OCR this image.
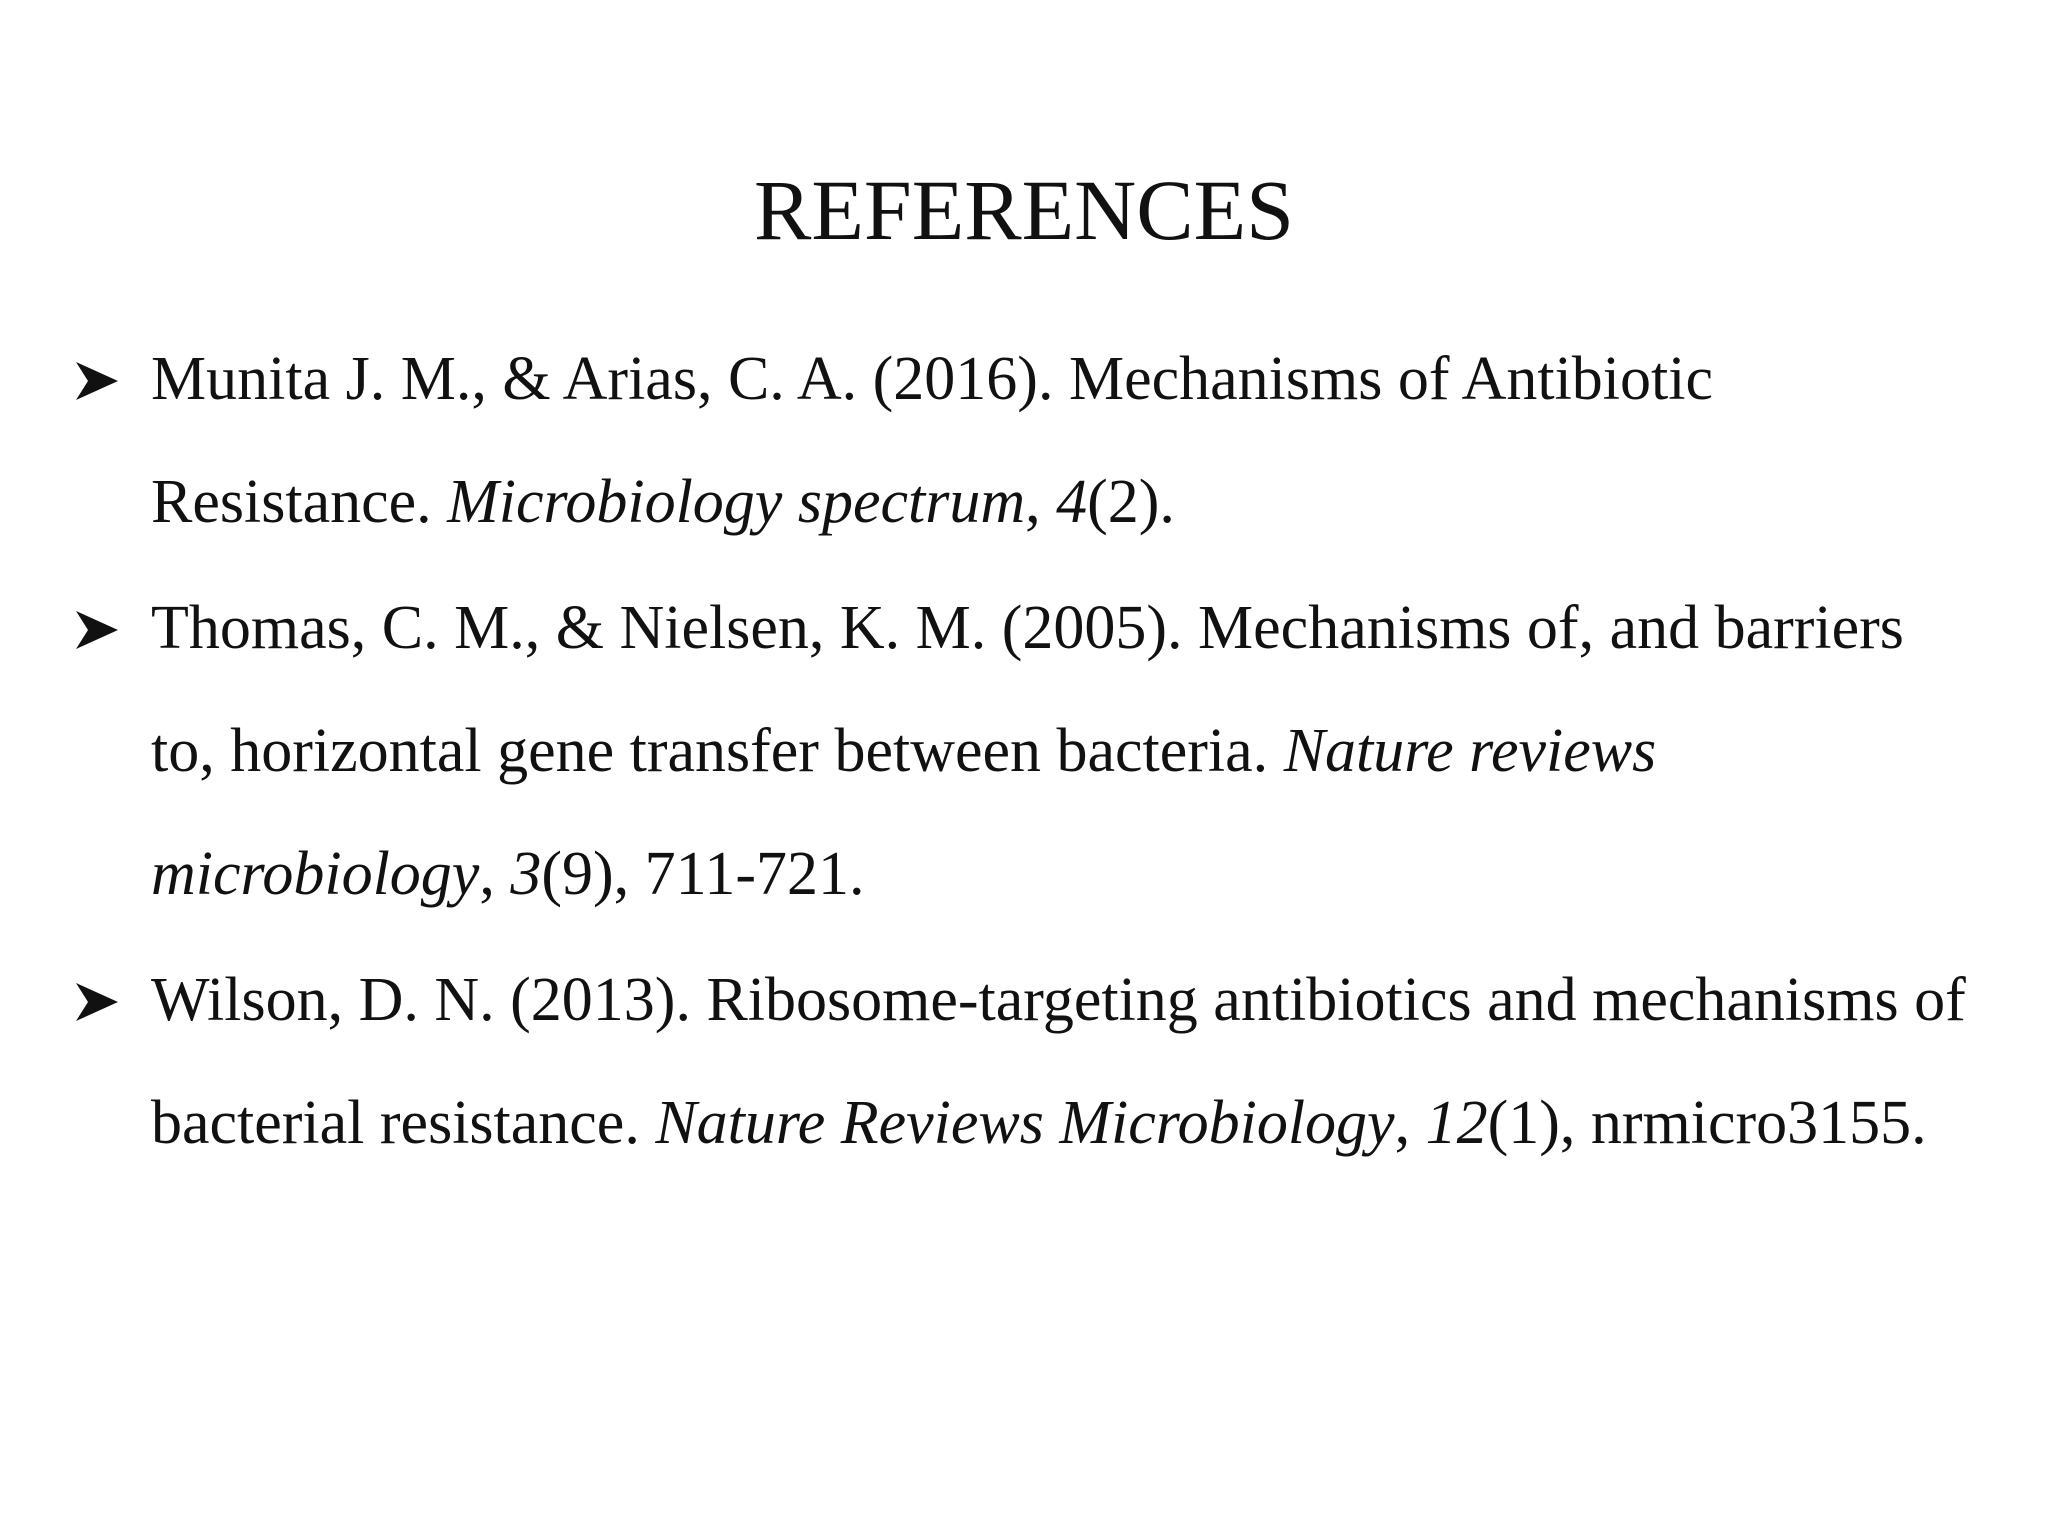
REFERENCES
Munita J. M., & Arias, C. A. (2016). Mechanisms of Antibiotic Resistance. Microbiology spectrum, 4(2).
Thomas, C. M., & Nielsen, K. M. (2005). Mechanisms of, and barriers to, horizontal gene transfer between bacteria. Nature reviews microbiology, 3(9), 711-721.
Wilson, D. N. (2013). Ribosome-targeting antibiotics and mechanisms of bacterial resistance. Nature Reviews Microbiology, 12(1), nrmicro3155.
